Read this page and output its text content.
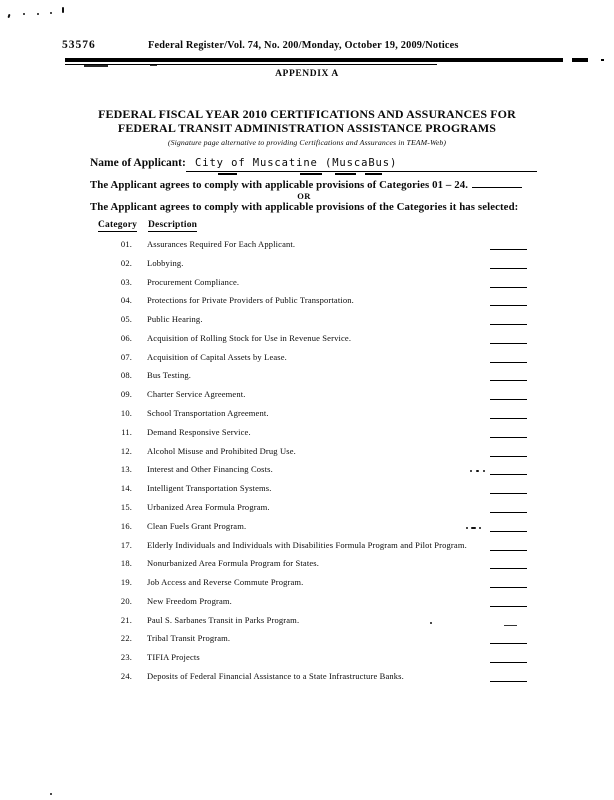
53576	Federal Register/Vol. 74, No. 200/Monday, October 19, 2009/Notices
APPENDIX A
FEDERAL FISCAL YEAR 2010 CERTIFICATIONS AND ASSURANCES FOR
FEDERAL TRANSIT ADMINISTRATION ASSISTANCE PROGRAMS
(Signature page alternative to providing Certifications and Assurances in TEAM-Web)
Name of Applicant: City of Muscatine (MuscaBus)
The Applicant agrees to comply with applicable provisions of Categories 01 – 24.
OR
The Applicant agrees to comply with applicable provisions of the Categories it has selected:
Category Description
01. Assurances Required For Each Applicant.
02. Lobbying.
03. Procurement Compliance.
04. Protections for Private Providers of Public Transportation.
05. Public Hearing.
06. Acquisition of Rolling Stock for Use in Revenue Service.
07. Acquisition of Capital Assets by Lease.
08. Bus Testing.
09. Charter Service Agreement.
10. School Transportation Agreement.
11. Demand Responsive Service.
12. Alcohol Misuse and Prohibited Drug Use.
13. Interest and Other Financing Costs.
14. Intelligent Transportation Systems.
15. Urbanized Area Formula Program.
16. Clean Fuels Grant Program.
17. Elderly Individuals and Individuals with Disabilities Formula Program and Pilot Program.
18. Nonurbanized Area Formula Program for States.
19. Job Access and Reverse Commute Program.
20. New Freedom Program.
21. Paul S. Sarbanes Transit in Parks Program.
22. Tribal Transit Program.
23. TIFIA Projects
24. Deposits of Federal Financial Assistance to a State Infrastructure Banks.
